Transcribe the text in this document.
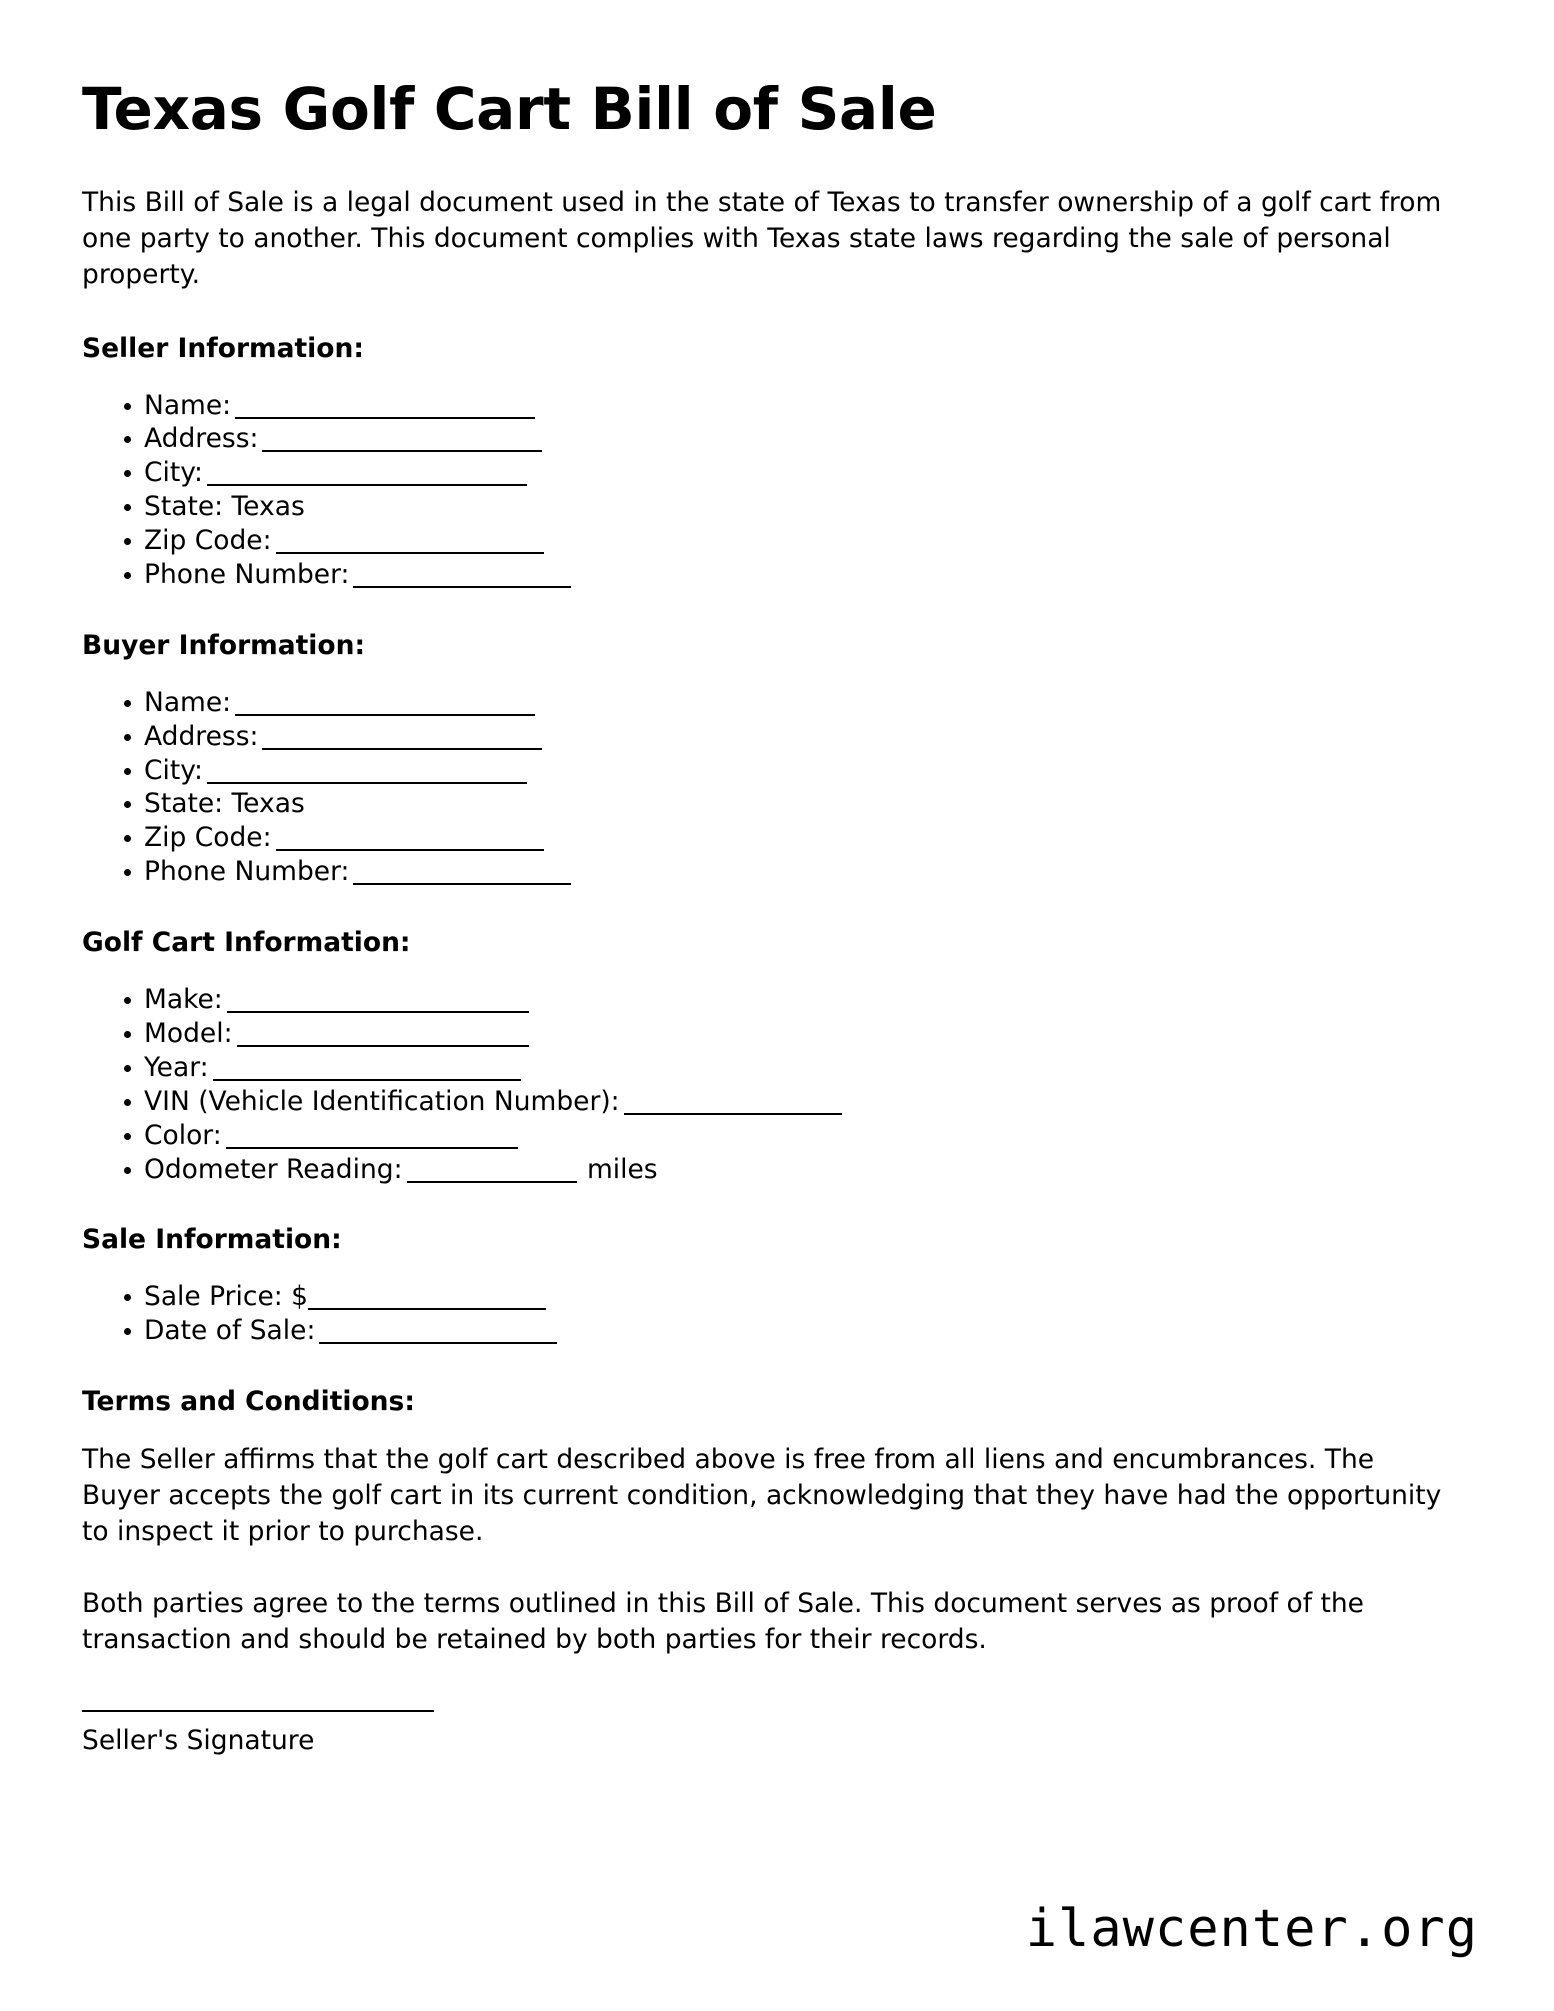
Texas Golf Cart Bill of Sale

This Bill of Sale is a legal document used in the state of Texas to transfer ownership of a golf cart from one party to another. This document complies with Texas state laws regarding the sale of personal property.

Seller Information:
Name:
Address:
City:
State: Texas
Zip Code:
Phone Number:
Buyer Information:
Name:
Address:
City:
State: Texas
Zip Code:
Phone Number:
Golf Cart Information:
Make:
Model:
Year:
VIN (Vehicle Identification Number):
Color:
Odometer Reading:	miles
Sale Information:
Sale Price: $
Date of Sale:
Terms and Conditions:

The Seller affirms that the golf cart described above is free from all liens and encumbrances. The Buyer accepts the golf cart in its current condition, acknowledging that they have had the opportunity to inspect it prior to purchase.

Both parties agree to the terms outlined in this Bill of Sale. This document serves as proof of the transaction and should be retained by both parties for their records.

Seller's Signature
ilawcenter.org
